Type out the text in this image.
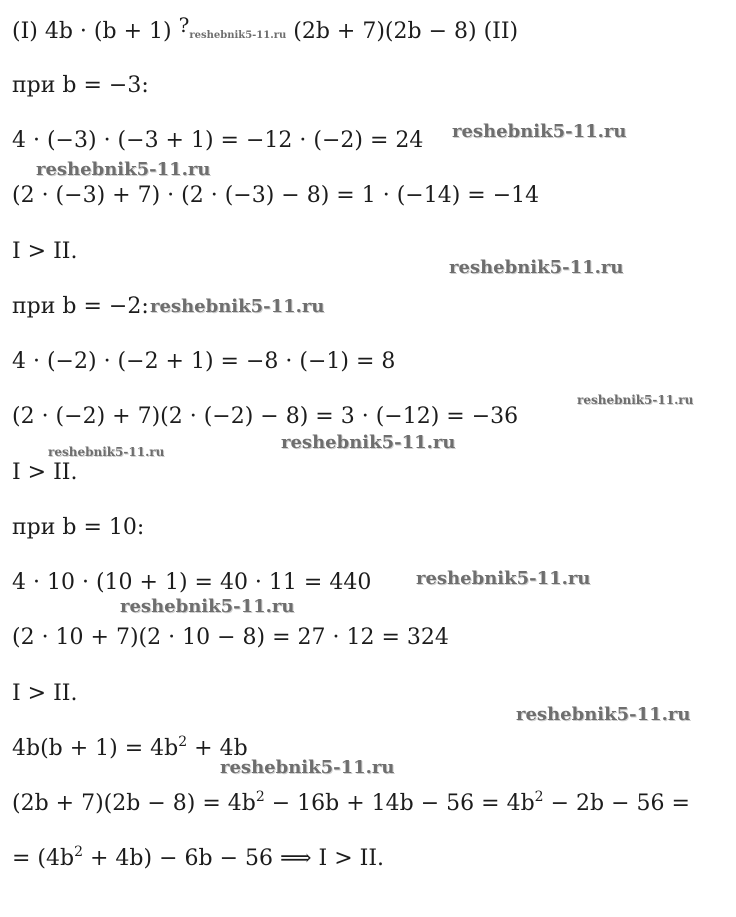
(I) 4b · (b + 1) ?reshebnik5-11.ru (2b + 7)(2b − 8) (II)
при b = −3:
4 · (−3) · (−3 + 1) = −12 · (−2) = 24
(2 · (−3) + 7) · (2 · (−3) − 8) = 1 · (−14) = −14
I > II.
при b = −2:
4 · (−2) · (−2 + 1) = −8 · (−1) = 8
(2 · (−2) + 7)(2 · (−2) − 8) = 3 · (−12) = −36
I > II.
при b = 10:
4 · 10 · (10 + 1) = 40 · 11 = 440
(2 · 10 + 7)(2 · 10 − 8) = 27 · 12 = 324
I > II.
$4b(b + 1) = 4b^2 + 4b$
$(2b + 7)(2b - 8) = 4b^2 - 16b + 14b - 56 = 4b^2 - 2b - 56$ =
= $(4b^2 + 4b) - 6b - 56$ ⟹ I > II.
reshebnik5-11.ru
reshebnik5-11.ru
reshebnik5-11.ru
reshebnik5-11.ru
reshebnik5-11.ru
reshebnik5-11.ru
reshebnik5-11.ru
reshebnik5-11.ru
reshebnik5-11.ru
reshebnik5-11.ru
reshebnik5-11.ru
